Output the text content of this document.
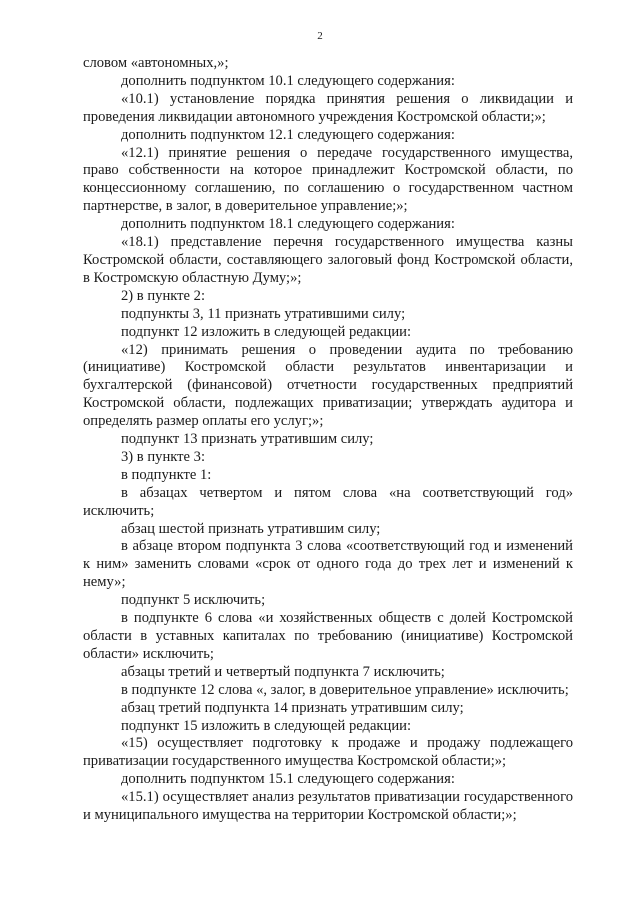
2

словом «автономных,»;

дополнить подпунктом 10.1 следующего содержания:

«10.1) установление порядка принятия решения о ликвидации и проведения ликвидации автономного учреждения Костромской области;»;

дополнить подпунктом 12.1 следующего содержания:

«12.1) принятие решения о передаче государственного имущества, право собственности на которое принадлежит Костромской области, по концессионному соглашению, по соглашению о государственном частном партнерстве, в залог, в доверительное управление;»;

дополнить подпунктом 18.1 следующего содержания:

«18.1) представление перечня государственного имущества казны Костромской области, составляющего залоговый фонд Костромской области, в Костромскую областную Думу;»;

2) в пункте 2:

подпункты 3, 11 признать утратившими силу;

подпункт 12 изложить в следующей редакции:

«12) принимать решения о проведении аудита по требованию (инициативе) Костромской области результатов инвентаризации и бухгалтерской (финансовой) отчетности государственных предприятий Костромской области, подлежащих приватизации; утверждать аудитора и определять размер оплаты его услуг;»;

подпункт 13 признать утратившим силу;

3) в пункте 3:

в подпункте 1:

в абзацах четвертом и пятом слова «на соответствующий год» исключить;

абзац шестой признать утратившим силу;

в абзаце втором подпункта 3 слова «соответствующий год и изменений к ним» заменить словами «срок от одного года до трех лет и изменений к нему»;

подпункт 5 исключить;

в подпункте 6 слова «и хозяйственных обществ с долей Костромской области в уставных капиталах по требованию (инициативе) Костромской области» исключить;

абзацы третий и четвертый подпункта 7 исключить;

в подпункте 12 слова «, залог, в доверительное управление» исключить;

абзац третий подпункта 14 признать утратившим силу;

подпункт 15 изложить в следующей редакции:

«15) осуществляет подготовку к продаже и продажу подлежащего приватизации государственного имущества Костромской области;»;

дополнить подпунктом 15.1 следующего содержания:

«15.1) осуществляет анализ результатов приватизации государственного и муниципального имущества на территории Костромской области;»;
